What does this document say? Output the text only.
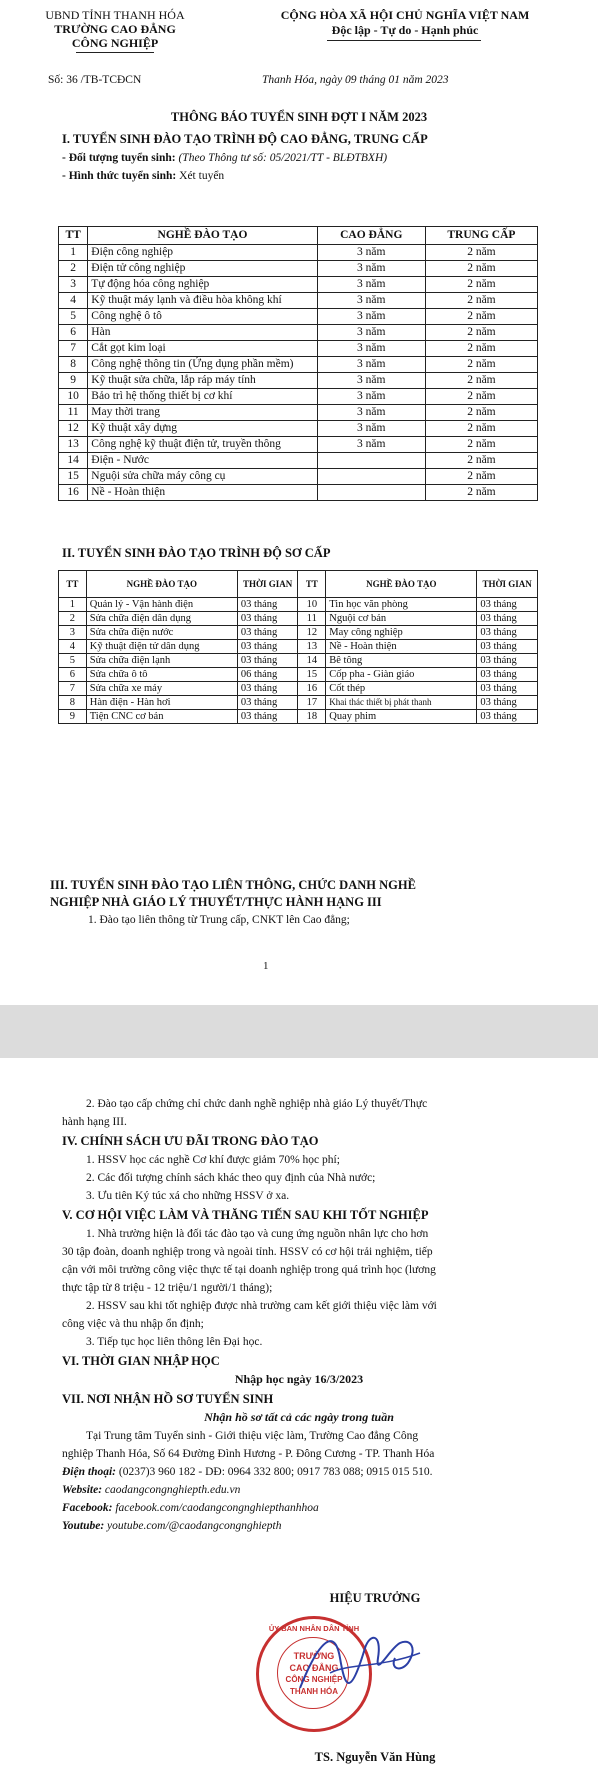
UBND TỈNH THANH HÓA
TRƯỜNG CAO ĐẲNG
CÔNG NGHIỆP
CỘNG HÒA XÃ HỘI CHỦ NGHĨA VIỆT NAM
Độc lập - Tự do - Hạnh phúc
Số: 36 /TB-TCĐCN	Thanh Hóa, ngày 09 tháng 01 năm 2023
THÔNG BÁO TUYỂN SINH ĐỢT I NĂM 2023
I. TUYỂN SINH ĐÀO TẠO TRÌNH ĐỘ CAO ĐẲNG, TRUNG CẤP

- Đối tượng tuyển sinh: (Theo Thông tư số: 05/2021/TT - BLĐTBXH)

- Hình thức tuyển sinh: Xét tuyển

TT	NGHỀ ĐÀO TẠO	CAO ĐẲNG	TRUNG CẤP
1	Điện công nghiệp	3 năm	2 năm
2	Điện tử công nghiệp	3 năm	2 năm
3	Tự động hóa công nghiệp	3 năm	2 năm
4	Kỹ thuật máy lạnh và điều hòa không khí	3 năm	2 năm
5	Công nghệ ô tô	3 năm	2 năm
6	Hàn	3 năm	2 năm
7	Cắt gọt kim loại	3 năm	2 năm
8	Công nghệ thông tin (Ứng dụng phần mềm)	3 năm	2 năm
9	Kỹ thuật sửa chữa, lắp ráp máy tính	3 năm	2 năm
10	Bảo trì hệ thống thiết bị cơ khí	3 năm	2 năm
11	May thời trang	3 năm	2 năm
12	Kỹ thuật xây dựng	3 năm	2 năm
13	Công nghệ kỹ thuật điện tử, truyền thông	3 năm	2 năm
14	Điện - Nước		2 năm
15	Nguội sửa chữa máy công cụ		2 năm
16	Nề - Hoàn thiện		2 năm
II. TUYỂN SINH ĐÀO TẠO TRÌNH ĐỘ SƠ CẤP
TT	NGHỀ ĐÀO TẠO	THỜI GIAN	TT	NGHỀ ĐÀO TẠO	THỜI GIAN
1	Quản lý - Vận hành điện	03 tháng	10	Tin học văn phòng	03 tháng
2	Sửa chữa điện dân dụng	03 tháng	11	Nguội cơ bản	03 tháng
3	Sửa chữa điện nước	03 tháng	12	May công nghiệp	03 tháng
4	Kỹ thuật điện tử dân dụng	03 tháng	13	Nề - Hoàn thiện	03 tháng
5	Sửa chữa điện lạnh	03 tháng	14	Bê tông	03 tháng
6	Sửa chữa ô tô	06 tháng	15	Cốp pha - Giàn giáo	03 tháng
7	Sửa chữa xe máy	03 tháng	16	Cốt thép	03 tháng
8	Hàn điện - Hàn hơi	03 tháng	17	Khai thác thiết bị phát thanh	03 tháng
9	Tiện CNC cơ bản	03 tháng	18	Quay phim	03 tháng
III. TUYỂN SINH ĐÀO TẠO LIÊN THÔNG, CHỨC DANH NGHỀ
NGHIỆP NHÀ GIÁO LÝ THUYẾT/THỰC HÀNH HẠNG III

1. Đào tạo liên thông từ Trung cấp, CNKT lên Cao đẳng;

1

2. Đào tạo cấp chứng chỉ chức danh nghề nghiệp nhà giáo Lý thuyết/Thực

hành hạng III.

IV. CHÍNH SÁCH ƯU ĐÃI TRONG ĐÀO TẠO

1. HSSV học các nghề Cơ khí được giảm 70% học phí;

2. Các đối tượng chính sách khác theo quy định của Nhà nước;

3. Ưu tiên Ký túc xá cho những HSSV ở xa.

V. CƠ HỘI VIỆC LÀM VÀ THĂNG TIẾN SAU KHI TỐT NGHIỆP

1. Nhà trường hiện là đối tác đào tạo và cung ứng nguồn nhân lực cho hơn

30 tập đoàn, doanh nghiệp trong và ngoài tỉnh. HSSV có cơ hội trải nghiệm, tiếp

cận với môi trường công việc thực tế tại doanh nghiệp trong quá trình học (lương

thực tập từ 8 triệu - 12 triệu/1 người/1 tháng);

2. HSSV sau khi tốt nghiệp được nhà trường cam kết giới thiệu việc làm với

công việc và thu nhập ổn định;

3. Tiếp tục học liên thông lên Đại học.

VI. THỜI GIAN NHẬP HỌC
Nhập học ngày 16/3/2023
VII. NƠI NHẬN HỒ SƠ TUYỂN SINH
Nhận hồ sơ tất cả các ngày trong tuần

Tại Trung tâm Tuyển sinh - Giới thiệu việc làm, Trường Cao đẳng Công

nghiệp Thanh Hóa, Số 64 Đường Đình Hương - P. Đông Cương - TP. Thanh Hóa

Điện thoại: (0237)3 960 182 - DĐ: 0964 332 800; 0917 783 088; 0915 015 510.

Website: caodangcongnghiepth.edu.vn

Facebook: facebook.com/caodangcongnghiepthanhhoa

Youtube: youtube.com/@caodangcongnghiepth

HIỆU TRƯỞNG
TS. Nguyễn Văn Hùng
ỦY BAN NHÂN DÂN TỈNH
TRƯỜNG
CAO ĐẲNG
CÔNG NGHIỆP
THANH HÓA
